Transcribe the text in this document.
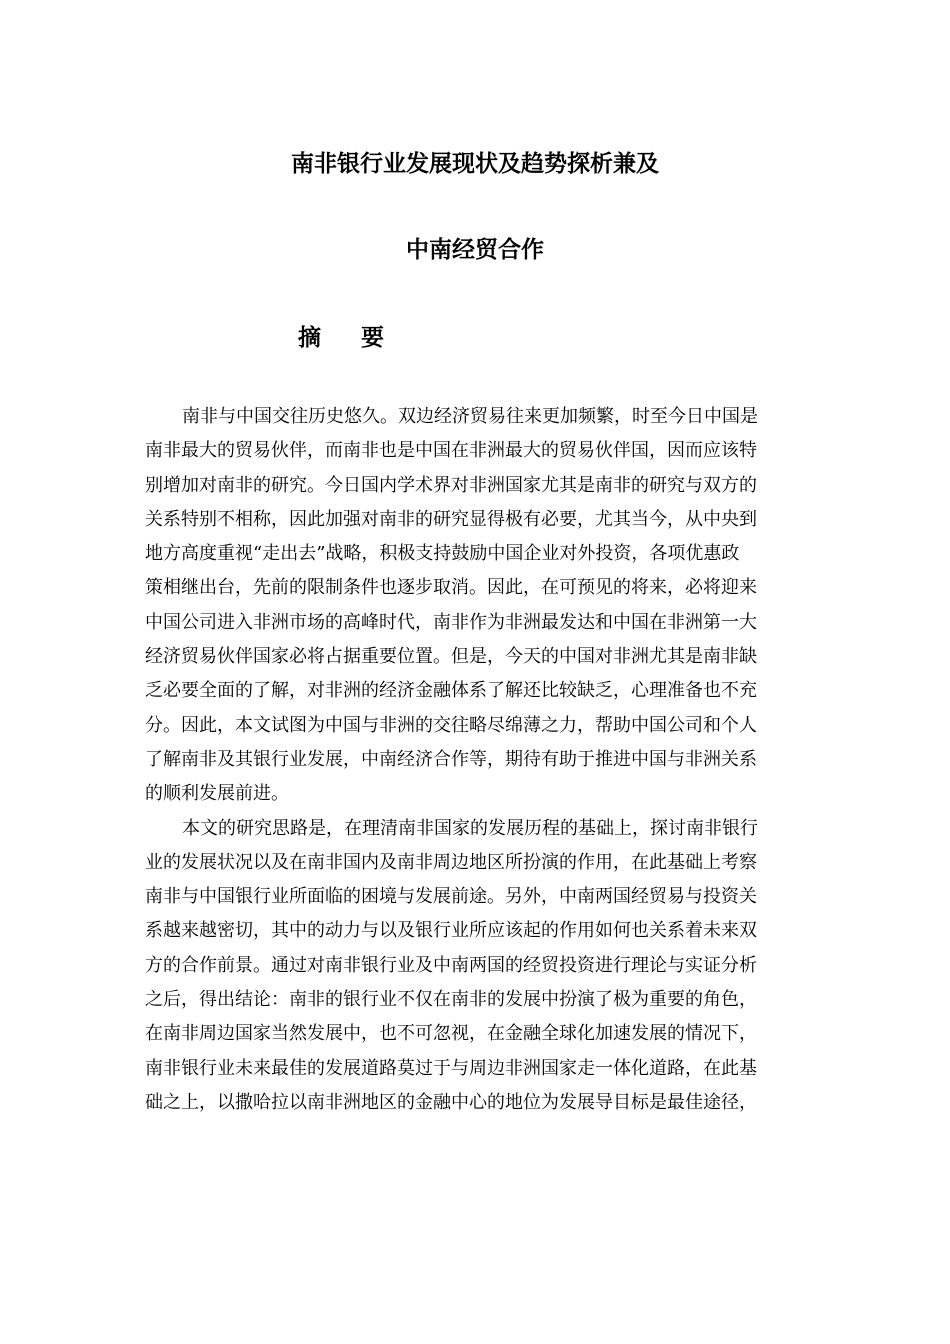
南非银行业发展现状及趋势探析兼及
中南经贸合作
摘要
南非与中国交往历史悠久。双边经济贸易往来更加频繁，时至今日中国是
南非最大的贸易伙伴，而南非也是中国在非洲最大的贸易伙伴国，因而应该特
别增加对南非的研究。今日国内学术界对非洲国家尤其是南非的研究与双方的
关系特别不相称，因此加强对南非的研究显得极有必要，尤其当今，从中央到
地方高度重视“走出去”战略，积极支持鼓励中国企业对外投资，各项优惠政
策相继出台，先前的限制条件也逐步取消。因此，在可预见的将来，必将迎来
中国公司进入非洲市场的高峰时代，南非作为非洲最发达和中国在非洲第一大
经济贸易伙伴国家必将占据重要位置。但是，今天的中国对非洲尤其是南非缺
乏必要全面的了解，对非洲的经济金融体系了解还比较缺乏，心理准备也不充
分。因此，本文试图为中国与非洲的交往略尽绵薄之力，帮助中国公司和个人
了解南非及其银行业发展，中南经济合作等，期待有助于推进中国与非洲关系
的顺利发展前进。
本文的研究思路是，在理清南非国家的发展历程的基础上，探讨南非银行
业的发展状况以及在南非国内及南非周边地区所扮演的作用，在此基础上考察
南非与中国银行业所面临的困境与发展前途。另外，中南两国经贸易与投资关
系越来越密切，其中的动力与以及银行业所应该起的作用如何也关系着未来双
方的合作前景。通过对南非银行业及中南两国的经贸投资进行理论与实证分析
之后，得出结论：南非的银行业不仅在南非的发展中扮演了极为重要的角色，
在南非周边国家当然发展中，也不可忽视，在金融全球化加速发展的情况下，
南非银行业未来最佳的发展道路莫过于与周边非洲国家走一体化道路，在此基
础之上，以撒哈拉以南非洲地区的金融中心的地位为发展导目标是最佳途径，
